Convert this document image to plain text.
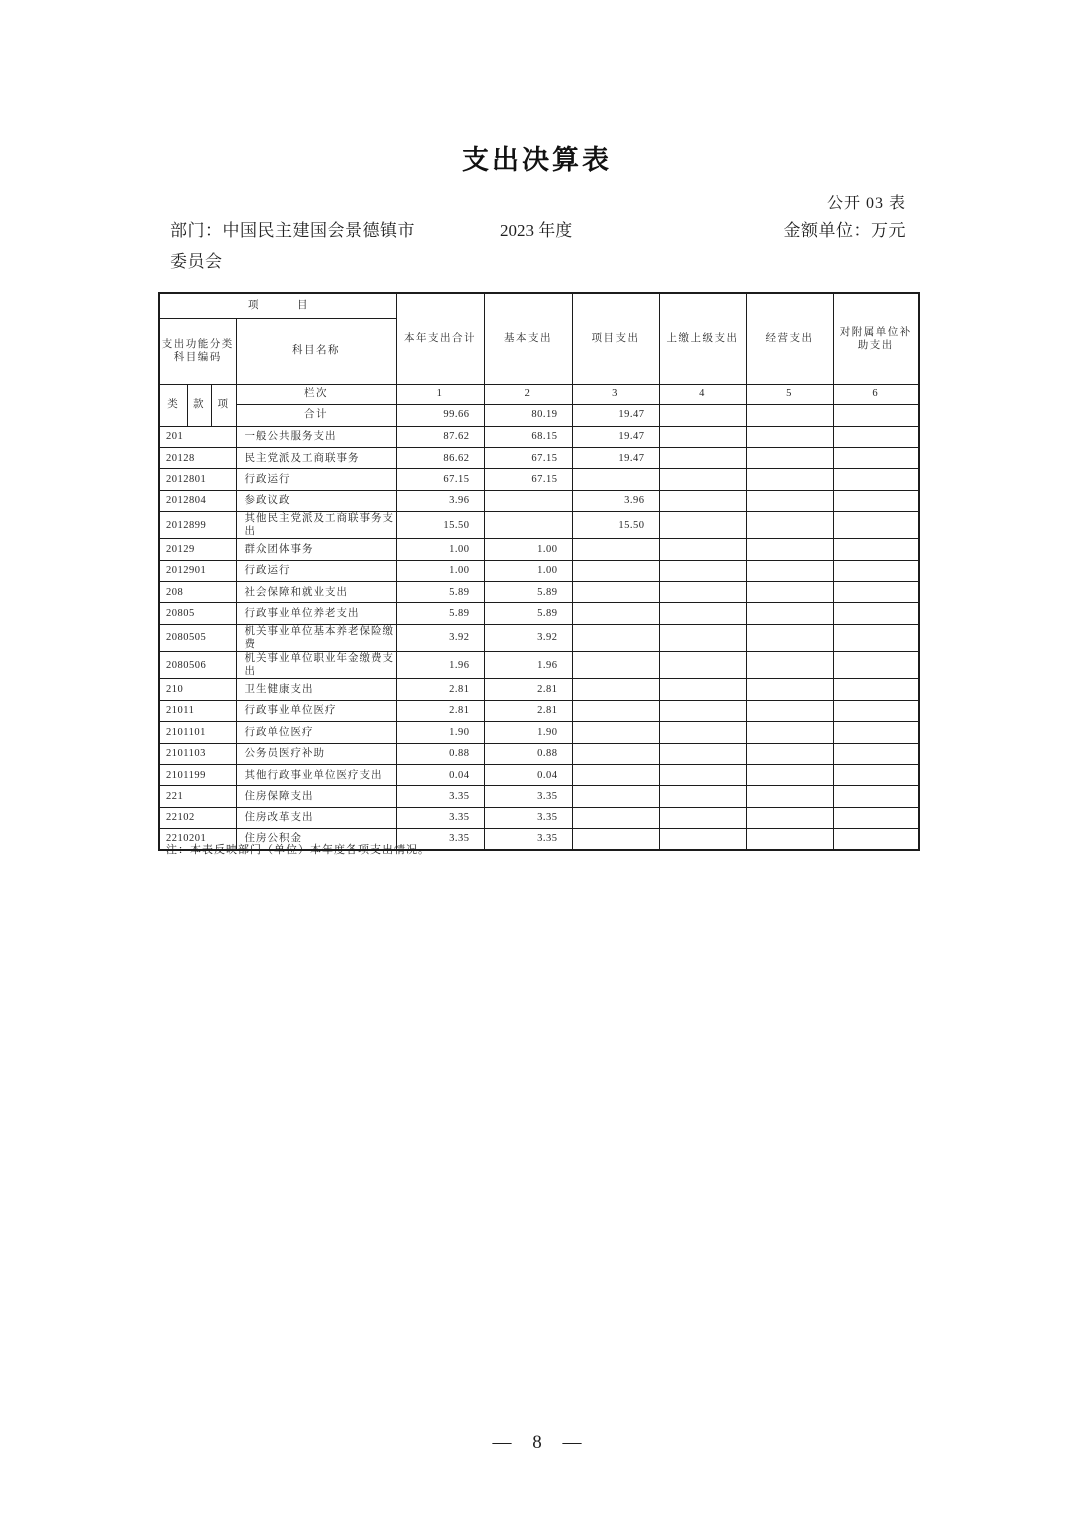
支出决算表
公开 03 表
部门：中国民主建国会景德镇市委员会
2023 年度	金额单位：万元
项　目				本年支出合计	基本支出	项目支出	上缴上级支出	经营支出	对附属单位补助支出

支出功能分类
科目编码			科目名称						
类	款	项	栏次	1	2	3	4	5	6
			合计	99.66	80.19	19.47			
201			一般公共服务支出	87.62	68.15	19.47			
20128			民主党派及工商联事务	86.62	67.15	19.47			
2012801			行政运行	67.15	67.15				
2012804			参政议政	3.96		3.96			
2012899			其他民主党派及工商联事务支出	15.50		15.50			
20129			群众团体事务	1.00	1.00				
2012901			行政运行	1.00	1.00				
208			社会保障和就业支出	5.89	5.89				
20805			行政事业单位养老支出	5.89	5.89				
2080505			机关事业单位基本养老保险缴费	3.92	3.92				
2080506			机关事业单位职业年金缴费支出	1.96	1.96				
210			卫生健康支出	2.81	2.81				
21011			行政事业单位医疗	2.81	2.81				
2101101			行政单位医疗	1.90	1.90				
2101103			公务员医疗补助	0.88	0.88				
2101199			其他行政事业单位医疗支出	0.04	0.04				
221			住房保障支出	3.35	3.35				
22102			住房改革支出	3.35	3.35				
2210201			住房公积金	3.35	3.35				
注：本表反映部门（单位）本年度各项支出情况。
— 8 —
